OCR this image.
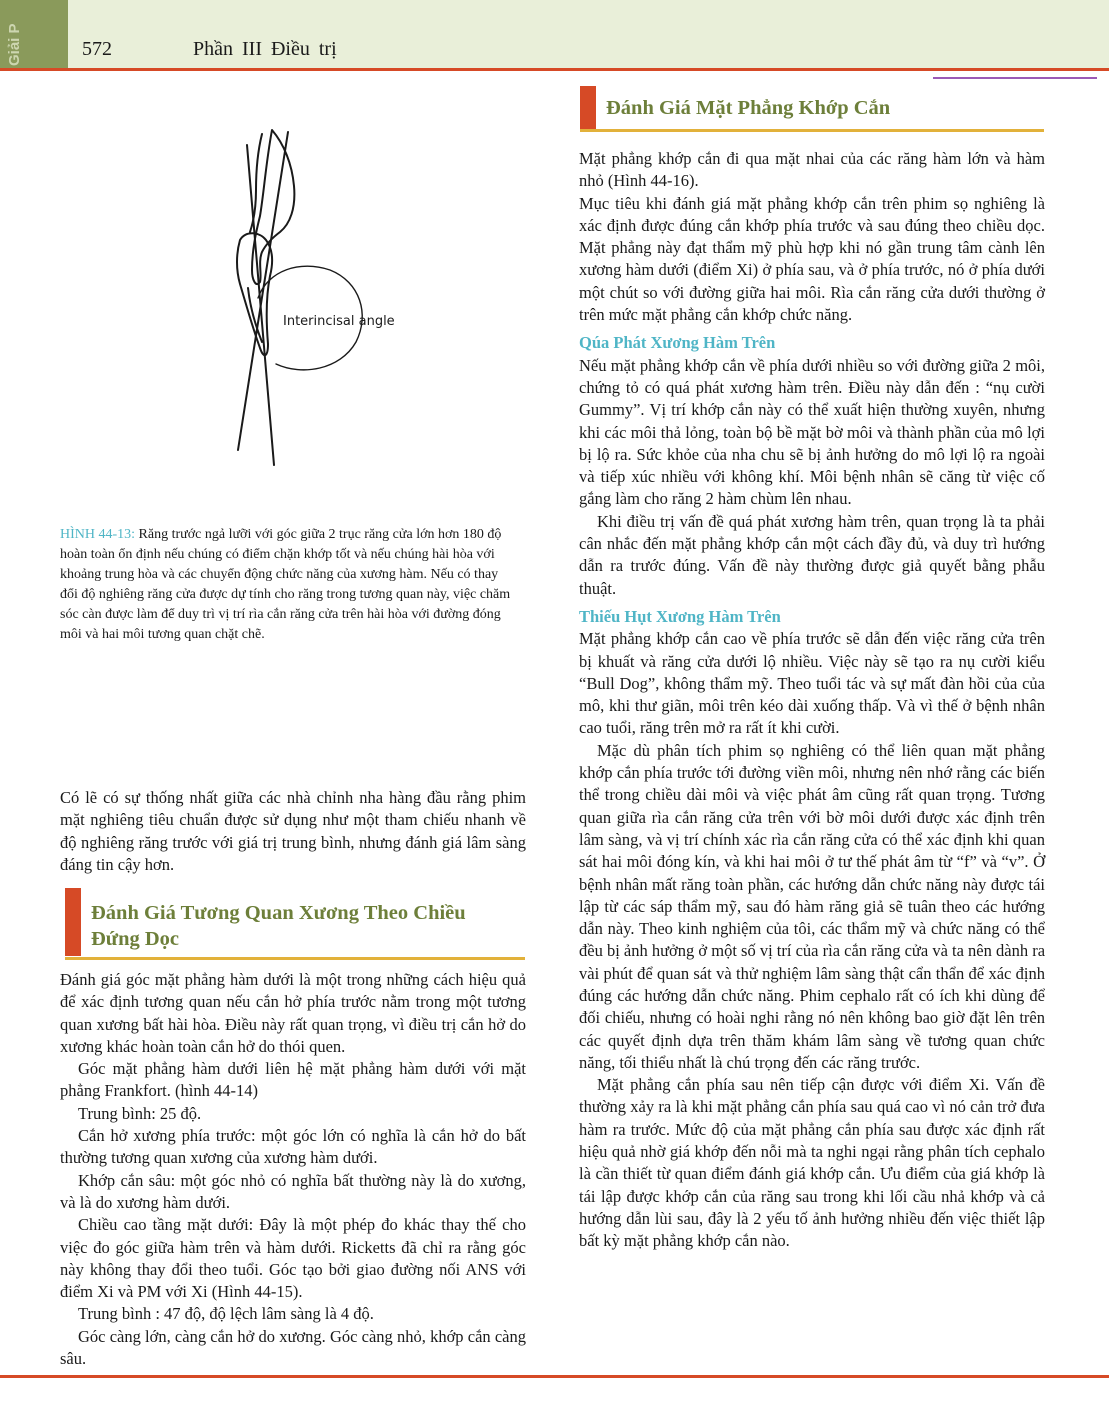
Giải P	572	Phần III Điều trị
Interincisal angle
HÌNH 44-13: Răng trước ngả lưỡi với góc giữa 2 trục răng cửa lớn hơn 180 độ hoàn toàn ổn định nếu chúng có điểm chặn khớp tốt và nếu chúng hài hòa với khoảng trung hòa và các chuyển động chức năng của xương hàm. Nếu có thay đổi độ nghiêng răng cửa được dự tính cho răng trong tương quan này, việc chăm sóc càn được làm để duy trì vị trí rìa cắn răng cửa trên hài hòa với đường đóng môi và hai môi tương quan chặt chẽ.

Có lẽ có sự thống nhất giữa các nhà chỉnh nha hàng đầu rằng phim mặt nghiêng tiêu chuẩn được sử dụng như một tham chiếu nhanh về độ nghiêng răng trước với giá trị trung bình, nhưng đánh giá lâm sàng đáng tin cậy hơn.

Đánh Giá Tương Quan Xương Theo Chiều
Đứng Dọc

Đánh giá góc mặt phẳng hàm dưới là một trong những cách hiệu quả để xác định tương quan nếu cắn hở phía trước nằm trong một tương quan xương bất hài hòa. Điều này rất quan trọng, vì điều trị cắn hở do xương khác hoàn toàn cắn hở do thói quen.

Góc mặt phẳng hàm dưới liên hệ mặt phẳng hàm dưới với mặt phẳng Frankfort. (hình 44-14)

Trung bình: 25 độ.

Cắn hở xương phía trước: một góc lớn có nghĩa là cắn hở do bất thường tương quan xương của xương hàm dưới.

Khớp cắn sâu: một góc nhỏ có nghĩa bất thường này là do xương, và là do xương hàm dưới.

Chiều cao tầng mặt dưới: Đây là một phép đo khác thay thế cho việc đo góc giữa hàm trên và hàm dưới. Ricketts đã chỉ ra rằng góc này không thay đổi theo tuổi. Góc tạo bởi giao đường nối ANS với điểm Xi và PM với Xi (Hình 44-15).

Trung bình : 47 độ, độ lệch lâm sàng là 4 độ.

Góc càng lớn, càng cắn hở do xương. Góc càng nhỏ, khớp cắn càng sâu.

Đánh Giá Mặt Phẳng Khớp Cắn

Mặt phẳng khớp cắn đi qua mặt nhai của các răng hàm lớn và hàm nhỏ (Hình 44-16).

Mục tiêu khi đánh giá mặt phẳng khớp cắn trên phim sọ nghiêng là xác định được đúng cắn khớp phía trước và sau đúng theo chiều dọc. Mặt phẳng này đạt thẩm mỹ phù hợp khi nó gần trung tâm cành lên xương hàm dưới (điểm Xi) ở phía sau, và ở phía trước, nó ở phía dưới một chút so với đường giữa hai môi. Rìa cắn răng cửa dưới thường ở trên mức mặt phẳng cắn khớp chức năng.

Qúa Phát Xương Hàm Trên

Nếu mặt phẳng khớp cắn về phía dưới nhiều so với đường giữa 2 môi, chứng tỏ có quá phát xương hàm trên. Điều này dẫn đến : “nụ cười Gummy”. Vị trí khớp cắn này có thể xuất hiện thường xuyên, nhưng khi các môi thả lỏng, toàn bộ bề mặt bờ môi và thành phần của mô lợi bị lộ ra. Sức khỏe của nha chu sẽ bị ảnh hưởng do mô lợi lộ ra ngoài và tiếp xúc nhiều với không khí. Môi bệnh nhân sẽ căng từ việc cố gắng làm cho răng 2 hàm chùm lên nhau.

Khi điều trị vấn đề quá phát xương hàm trên, quan trọng là ta phải cân nhắc đến mặt phẳng khớp cắn một cách đầy đủ, và duy trì hướng dẫn ra trước đúng. Vấn đề này thường được giả quyết bằng phẫu thuật.

Thiếu Hụt Xương Hàm Trên

Mặt phẳng khớp cắn cao về phía trước sẽ dẫn đến việc răng cửa trên bị khuất và răng cửa dưới lộ nhiều. Việc này sẽ tạo ra nụ cười kiểu “Bull Dog”, không thẩm mỹ. Theo tuổi tác và sự mất đàn hồi của của mô, khi thư giãn, môi trên kéo dài xuống thấp. Và vì thế ở bệnh nhân cao tuổi, răng trên mở ra rất ít khi cười.

Mặc dù phân tích phim sọ nghiêng có thể liên quan mặt phẳng khớp cắn phía trước tới đường viền môi, nhưng nên nhớ rằng các biến thể trong chiều dài môi và việc phát âm cũng rất quan trọng. Tương quan giữa rìa cắn răng cửa trên với bờ môi dưới được xác định trên lâm sàng, và vị trí chính xác rìa cắn răng cửa có thể xác định khi quan sát hai môi đóng kín, và khi hai môi ở tư thế phát âm từ “f” và “v”. Ở bệnh nhân mất răng toàn phần, các hướng dẫn chức năng này được tái lập từ các sáp thẩm mỹ, sau đó hàm răng giả sẽ tuân theo các hướng dẫn này. Theo kinh nghiệm của tôi, các thẩm mỹ và chức năng có thể đều bị ảnh hưởng ở một số vị trí của rìa cắn răng cửa và ta nên dành ra vài phút để quan sát và thử nghiệm lâm sàng thật cẩn thẩn để xác định đúng các hướng dẫn chức năng. Phim cephalo rất có ích khi dùng để đối chiếu, nhưng có hoài nghi rằng nó nên không bao giờ đặt lên trên các quyết định dựa trên thăm khám lâm sàng về tương quan chức năng, tối thiểu nhất là chú trọng đến các răng trước.

Mặt phẳng cắn phía sau nên tiếp cận được với điểm Xi. Vấn đề thường xảy ra là khi mặt phẳng cắn phía sau quá cao vì nó cản trở đưa hàm ra trước. Mức độ của mặt phẳng cắn phía sau được xác định rất hiệu quả nhờ giá khớp đến nỗi mà ta nghi ngại rằng phân tích cephalo là cần thiết từ quan điểm đánh giá khớp cắn. Ưu điểm của giá khớp là tái lập được khớp cắn của răng sau trong khi lối cầu nhả khớp và cả hướng dẫn lùi sau, đây là 2 yếu tố ảnh hưởng nhiều đến việc thiết lập bất kỳ mặt phẳng khớp cắn nào.
